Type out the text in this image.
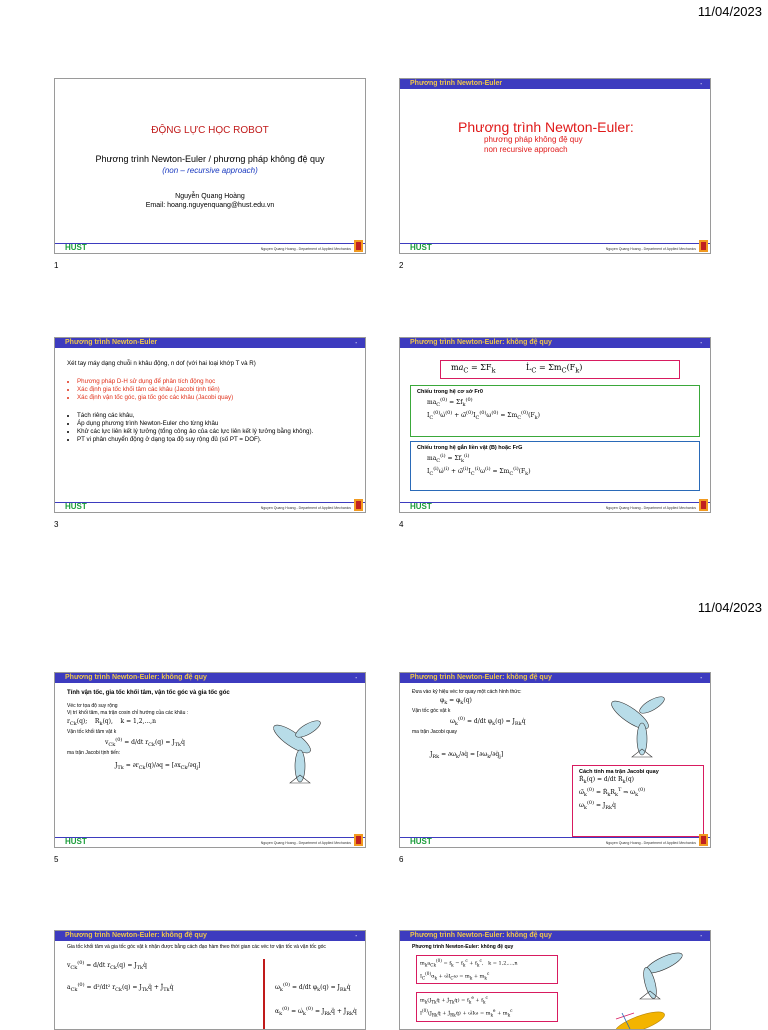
11/04/2023
11/04/2023
ĐỘNG LỰC HỌC ROBOT
Phương trình Newton-Euler / phương pháp không đệ quy
(non – recursive approach)
Nguyễn Quang Hoàng
Email: hoang.nguyenquang@hust.edu.vn
HUST	Nguyen Quang Hoang - Department of Applied Mechanics
1
Phương trình Newton-Euler	-
Phương trình Newton-Euler:
phương pháp không đệ quy
non recursive approach
HUST	Nguyen Quang Hoang - Department of Applied Mechanics
2
Phương trình Newton-Euler	-
Xét tay máy dạng chuỗi n khâu động, n dof (với hai loại khớp T và R)
• Phương pháp D-H sử dụng để phân tích động học
• Xác định gia tốc khối tâm các khâu (Jacobi tịnh tiến)
• Xác định vận tốc góc, gia tốc góc các khâu (Jacobi quay)
• Tách riêng các khâu,
• Áp dụng phương trình Newton-Euler cho từng khâu
• Khử các lực liên kết lý tưởng (tổng công ảo của các lực liên kết lý tưởng bằng không).
• PT vi phân chuyển động ở dạng tọa độ suy rộng đủ (số PT = DOF).
HUST	Nguyen Quang Hoang - Department of Applied Mechanics
3
Phương trình Newton-Euler: không đệ quy	-
$ma_C = \Sigma F_k$            $L̇_C = \Sigma m_C(F_k)$
Chiếu trong hệ cơ sở Fr0
$ma_C^{(0)} = \Sigma f_k^{(0)}$
$I_C^{(0)}\omegȧ^{(0)}$ + $\omegã^{(0)}I_C^{(0)}\omega^{(0)} = \Sigma m_C^{(0)}(F_k)$
Chiếu trong hệ gắn liền vật (B) hoặc FrG
$ma_C^{(i)} = \Sigma f_k^{(i)}$
$I_C^{(i)}\omegȧ^{(i)}$ + $\omegã^{(i)}I_C^{(i)}\omega^{(i)} = \Sigma m_C^{(i)}(F_k)$
HUST	Nguyen Quang Hoang - Department of Applied Mechanics
4
Phương trình Newton-Euler: không đệ quy	-
Tính vận tốc, gia tốc khối tâm, vận tốc góc và gia tốc góc
Véc tơ tọa độ suy rộng
Vị trí khối tâm, ma trận cosin chỉ hướng của các khâu :
$r_{Ck}(q)$;    $R_k(q)$,    k = 1,2,...,n
Vận tốc khối tâm vật k
$v_{Ck}^{(0)} = d/dt$ $r_{Ck}(q)$ = $J_{Tk}q̇$
ma trận Jacobi tịnh tiến:
$J_{Tk} = \partial r_{Ck}(q)/\partial q = [\partial x_{Ck}/\partial q_j]$
HUST	Nguyen Quang Hoang - Department of Applied Mechanics
5
Phương trình Newton-Euler: không đệ quy	-
Đưa vào ký hiệu véc tơ quay một cách hình thức:
$\varphi_k = \varphi_k(q)$
Vận tốc góc vật k
$\omega_k^{(0)} = d/dt$ $\varphi_k(q)$ = $J_{Rk}q̇$
ma trận Jacobi quay
$J_{Rk}$ = $\partial\omega_k/\partial q̇$ = $[\partial\omega_k/\partial q̇_j]$
Cách tính ma trận Jacobi quay
Ṙ$_k$(q) = d/dt $R_k(q)$
$\omegã_k^{(0)}$ = $Ṙ_kR_k^T$ ⇒ $\omega_k^{(0)}$
$\omega_k^{(0)}$ = $J_{Rk}q̇$
HUST	Nguyen Quang Hoang - Department of Applied Mechanics
6
Phương trình Newton-Euler: không đệ quy	-
Gia tốc khối tâm và gia tốc góc vật k nhận được bằng cách đạo hàm theo thời gian các véc tơ vận tốc và vận tốc góc
$v_{Ck}^{(0)} = d/dt$ $r_{Ck}(q)$ = $J_{Tk}q̇$
$a_{Ck}^{(0)} = d^2/dt^2$ $r_{Ck}(q)$ = $J_{Tk}q̈$ + $J̇_{Tk}q̇$	$\omega_k^{(0)} = d/dt$ $\varphi_k(q)$ = $J_{Rk}q̇$
$\alpha_k^{(0)}$ = $\omegȧ_k^{(0)}$ = $J_{Rk}q̈$ + $J̇_{Rk}q̇$
Phương trình Newton-Euler: không đệ quy	-
Phương trình Newton-Euler: không đệ quy
$m_ka_{Ck}^{(0)} = f_k - f_k^c + f_k^c$,   k = 1,2,...,n
$I_C^{(0)}\alpha_k$ + $\omegãI_C\omega = m_k + m_k^c$
$m_k(J_{Tk}q̈$ + $J̇_{Tk}q̇) = f_k^e + f_k^c$
$I^{(0)}(J_{Rk}q̈$ + $J̇_{Rk}q̇$) + ω̃Iω = $m_k^e + m_k^c$
